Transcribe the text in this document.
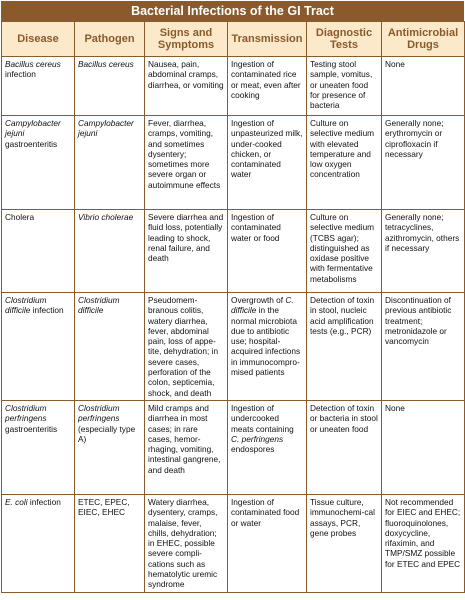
Bacterial Infections of the GI Tract
Disease	Pathogen	Signs and Symptoms	Transmission	Diagnostic Tests	Antimicrobial Drugs
Bacillus cereus infection	Bacillus cereus	Nausea, pain, abdominal cramps, diarrhea, or vomiting	Ingestion of contaminated rice or meat, even after cooking	Testing stool sample, vomitus, or uneaten food for presence of bacteria	None
Campylobacter jejuni gastroenteritis	Campylobacter jejuni	Fever, diarrhea, cramps, vomiting, and sometimes dysentery; sometimes more severe organ or autoimmune effects	Ingestion of unpasteurized milk, under-cooked chicken, or contaminated water	Culture on selective medium with elevated temperature and low oxygen concentration	Generally none; erythromycin or ciprofloxacin if necessary
Cholera	Vibrio cholerae	Severe diarrhea and fluid loss, potentially leading to shock, renal failure, and death	Ingestion of contaminated water or food	Culture on selective medium (TCBS agar); distinguished as oxidase positive with fermentative metabolisms	Generally none; tetracyclines, azithromycin, others if necessary
Clostridium difficile infection	Clostridium difficile	Pseudomem-branous colitis, watery diarrhea, fever, abdominal pain, loss of appe-tite, dehydration; in severe cases, perforation of the colon, septicemia, shock, and death	Overgrowth of C. difficile in the normal microbiota due to antibiotic use; hospital-acquired infections in immunocompro-mised patients	Detection of toxin in stool, nucleic acid amplification tests (e.g., PCR)	Discontinuation of previous antibiotic treatment; metronidazole or vancomycin
Clostridium perfringens gastroenteritis	Clostridium perfringens (especially type A)	Mild cramps and diarrhea in most cases; in rare cases, hemor-rhaging, vomiting, intestinal gangrene, and death	Ingestion of undercooked meats containing C. perfringens endospores	Detection of toxin or bacteria in stool or uneaten food	None
E. coli infection	ETEC, EPEC, EIEC, EHEC	Watery diarrhea, dysentery, cramps, malaise, fever, chills, dehydration; in EHEC, possible severe compli-cations such as hematolytic uremic syndrome	Ingestion of contaminated food or water	Tissue culture, immunochemi-cal assays, PCR, gene probes	Not recommended for EIEC and EHEC; fluoroquinolones, doxycycline, rifaximin, and TMP/SMZ possible for ETEC and EPEC
